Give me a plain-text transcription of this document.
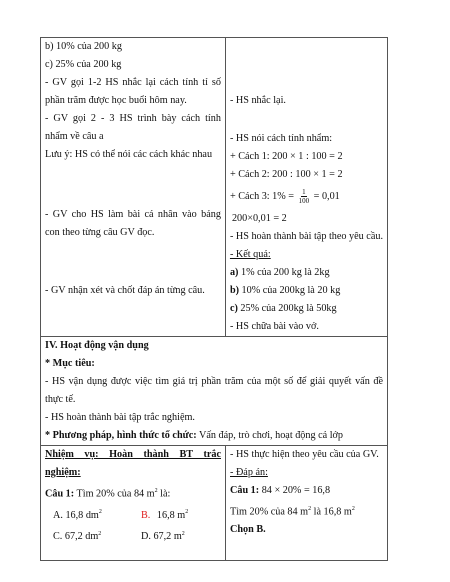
b) 10% của 200 kg
c) 25% của 200 kg
- GV gọi 1-2 HS nhắc lại cách tính tỉ số
phần trăm được học buổi hôm nay.
- GV gọi 2 - 3 HS trình bày cách tính
nhẩm về câu a
Lưu ý: HS có thể nói các cách khác nhau
- GV cho HS làm bài cá nhân vào bảng
con theo từng câu GV đọc.
- GV nhận xét và chốt đáp án từng câu.
- HS nhắc lại.
- HS nói cách tính nhẩm:
+ Cách 1: 200 × 1 : 100 = 2
+ Cách 2: 200 : 100 × 1 = 2
+ Cách 3: $1\% = \frac{1}{100} = 0,01$
200×0,01 = 2
- HS hoàn thành bài tập theo yêu cầu.
- Kết quả:
a) 1% của 200 kg là 2kg
b) 10% của 200kg là 20 kg
c) 25% của 200kg là 50kg
- HS chữa bài vào vở.
IV. Hoạt động vận dụng
* Mục tiêu:
- HS vận dụng được việc tìm giá trị phần trăm của một số để giải quyết vấn đề
thực tế.
- HS hoàn thành bài tập trắc nghiệm.
* Phương pháp, hình thức tổ chức: Vấn đáp, trò chơi, hoạt động cả lớp
Nhiệm vụ: Hoàn thành BT trắc
nghiệm:
Câu 1: Tìm 20% của 84 $m^2$ là:
A. 16,8 $dm^2$	B. 16,8 $m^2$
C. 67,2 $dm^2$	D. 67,2 $m^2$
- HS thực hiện theo yêu cầu của GV.
- Đáp án:
Câu 1: 84 × 20% = 16,8
Tìm 20% của 84 $m^2$ là 16,8 $m^2$
Chọn B.
